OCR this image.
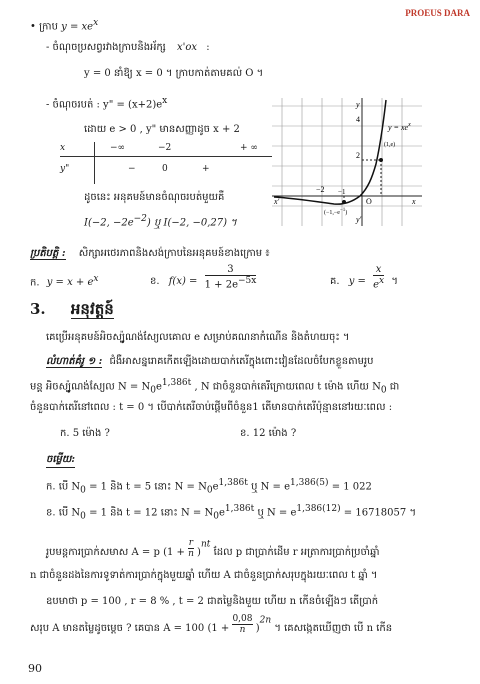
PROEUS DARA
• ក្រាប $y = xe^x$
- ចំណុចប្រសព្វរវាងក្រាបនិងអ័ក្ស x'ox :
y = 0 នាំឱ្យ x = 0 ។ ក្រាបកាត់តាមគល់ O ។
- ចំណុចរបត់ : y" = $(x+2)e^x$
ដោយ e > 0 , y" មានសញ្ញាដូច x + 2
x	−∞	−2	+ ∞
y"	−	0	+
ដូចនេះ អនុគមន៍មានចំណុចរបត់មួយគឺ
I(−2, $-2e^{-2}$) ឬ I(−2, −0,27) ។
y
x
x'
y'
O
4
2
−2 −1
$y = xe^x$
(1,e)
$(-1,-e^{-1})$
ប្រតិបត្តិ : សិក្សាអថេរភាពនិងសង់ក្រាបនៃអនុគមន៍ខាងក្រោម ៖
ក. $y = x + e^x$	ខ. $f(x) = \frac{3}{1 + 2e^{-5x}}$	គ. $y = \frac{x}{e^x}$ ។
3. អនុវត្តន៍
គេប្រើអនុគមន៍អិចស្ប៉ូណង់ស្យែលគោល e សម្រាប់គណនាកំណើន និងតំហយចុះ ។
លំហាត់គំរូ ១ : ជំងឺអាសន្នរោគកើតឡើងដោយបាក់តេរីក្នុងពោះវៀនដែលចំបែកខ្លួនតាមរូប
មន្ត អិចស្ប៉ូណង់ស្យែល $N = N_0e^{1,386t}$ , N ជាចំនួនបាក់តេរីក្រោយពេល t ម៉ោង ហើយ $N_0$ ជា
ចំនួនបាក់តេរីនៅពេល : t = 0 ។ បើបាក់តេរីចាប់ផ្តើមពីចំនួន1 តើមានបាក់តេរីប៉ុន្មាននៅរយៈពេល :
ក. 5 ម៉ោង ?	ខ. 12 ម៉ោង ?
ចម្លើយ:
ក. បើ $N_0 = 1$ និង t = 5 នោះ $N = N_0e^{1,386t}$ ឬ $N = e^{1,386(5)} = 1$ 022
ខ. បើ $N_0 = 1$ និង t = 12 នោះ $N = N_0e^{1,386t}$ ឬ $N = e^{1,386(12)} = 16718057$ ។
រូបមន្តការប្រាក់សមាស A = p $(1 + \frac{r}{n} )^{nt}$ ដែល p ជាប្រាក់ដើម r អត្រាការប្រាក់ប្រចាំឆ្នាំ
n ជាចំនួនដងនៃការទូទាត់ការប្រាក់ក្នុងមួយឆ្នាំ ហើយ A ជាចំនួនប្រាក់សរុបក្នុងរយៈពេល t ឆ្នាំ ។
ឧបមាថា p = 100 , r = 8 % , t = 2 ជាតម្លៃនិងមួយ ហើយ n កើនចំឡើងៗ តើប្រាក់
សរុប A មានតម្លៃដូចម្តេច ? គេបាន A = 100 $(1 + \frac{0,08}{n} )^{2n}$ ។ គេសង្កេតឃើញថា បើ n កើន
90
